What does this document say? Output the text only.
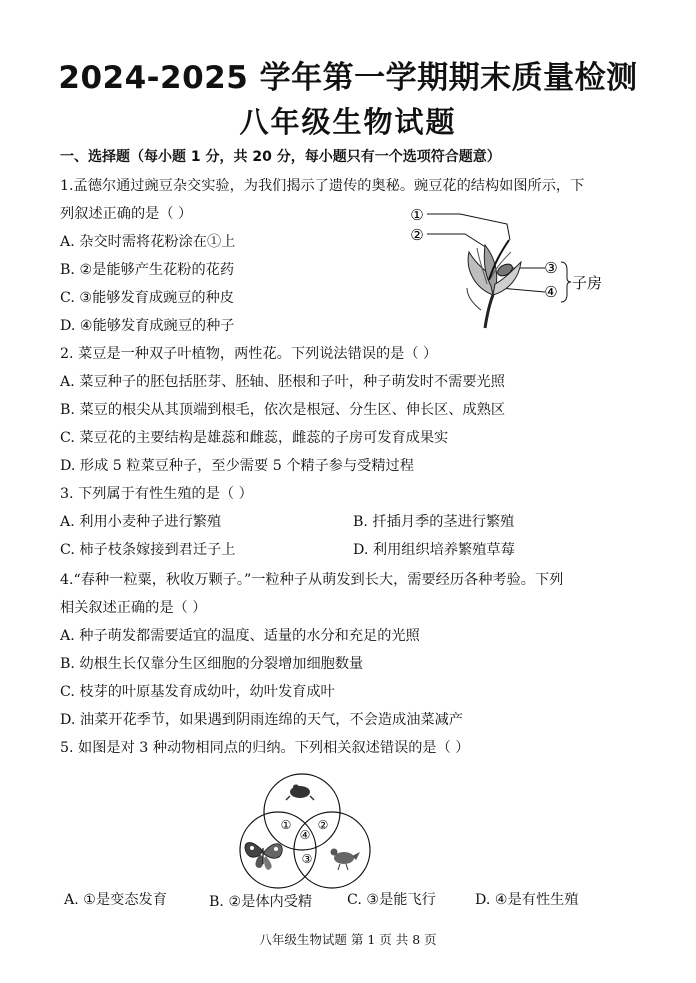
2024-2025 学年第一学期期末质量检测
八年级生物试题
一、选择题（每小题 1 分，共 20 分，每小题只有一个选项符合题意）
1.孟德尔通过豌豆杂交实验，为我们揭示了遗传的奥秘。豌豆花的结构如图所示，下
列叙述正确的是（ ）
A. 杂交时需将花粉涂在①上
B. ②是能够产生花粉的花药
C. ③能够发育成豌豆的种皮
D. ④能够发育成豌豆的种子
①
②
③
④ 子房
2. 菜豆是一种双子叶植物，两性花。下列说法错误的是（ ）
A. 菜豆种子的胚包括胚芽、胚轴、胚根和子叶，种子萌发时不需要光照
B. 菜豆的根尖从其顶端到根毛，依次是根冠、分生区、伸长区、成熟区
C. 菜豆花的主要结构是雄蕊和雌蕊，雌蕊的子房可发育成果实
D. 形成 5 粒菜豆种子，至少需要 5 个精子参与受精过程
3. 下列属于有性生殖的是（ ）
A. 利用小麦种子进行繁殖	B. 扦插月季的茎进行繁殖
C. 柿子枝条嫁接到君迁子上	D. 利用组织培养繁殖草莓
4.“春种一粒粟，秋收万颗子。”一粒种子从萌发到长大，需要经历各种考验。下列
相关叙述正确的是（ ）
A. 种子萌发都需要适宜的温度、适量的水分和充足的光照
B. 幼根生长仅靠分生区细胞的分裂增加细胞数量
C. 枝芽的叶原基发育成幼叶，幼叶发育成叶
D. 油菜开花季节，如果遇到阴雨连绵的天气，不会造成油菜减产
5. 如图是对 3 种动物相同点的归纳。下列相关叙述错误的是（ ）
① ②
④
③
A. ①是变态发育	B. ②是体内受精 C. ③是能飞行	D. ④是有性生殖
八年级生物试题 第 1 页 共 8 页
